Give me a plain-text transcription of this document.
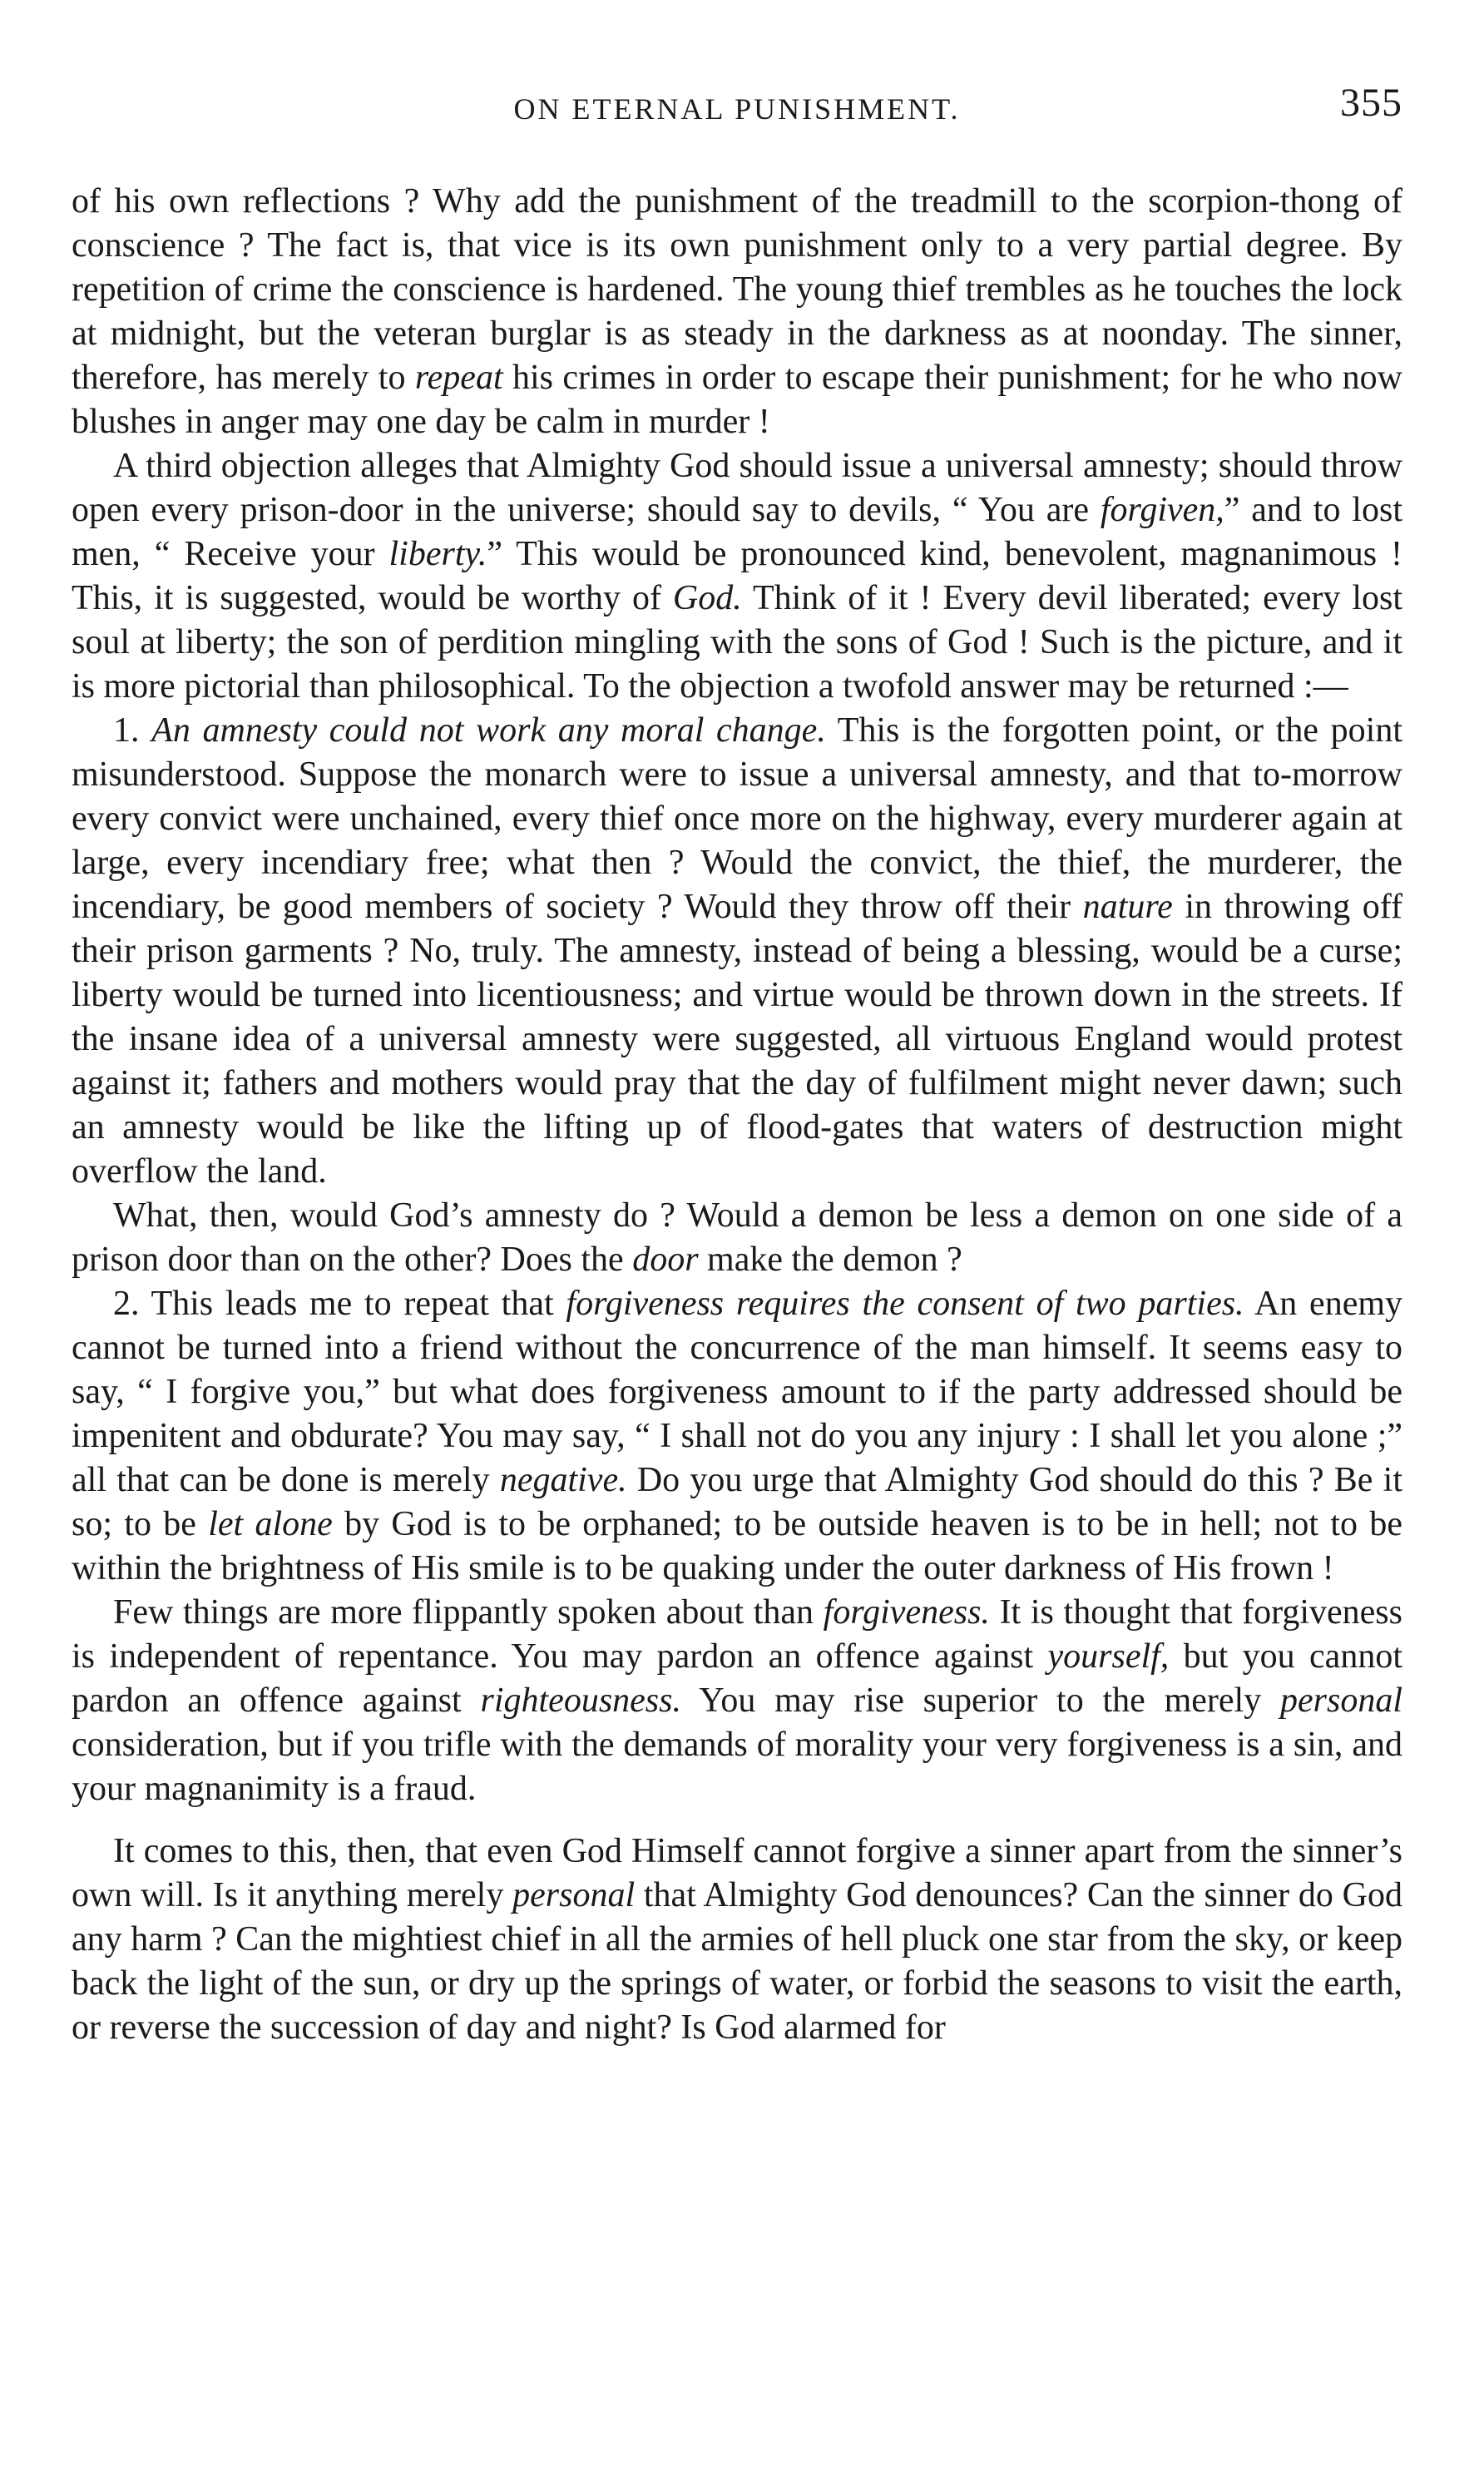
ON ETERNAL PUNISHMENT.	355

of his own reflections ? Why add the punishment of the treadmill to the scorpion-thong of conscience ? The fact is, that vice is its own punishment only to a very partial degree. By repetition of crime the conscience is hardened. The young thief trembles as he touches the lock at midnight, but the veteran burglar is as steady in the darkness as at noonday. The sinner, therefore, has merely to repeat his crimes in order to escape their punishment; for he who now blushes in anger may one day be calm in murder !

A third objection alleges that Almighty God should issue a universal amnesty; should throw open every prison-door in the universe; should say to devils, “ You are forgiven,” and to lost men, “ Receive your liberty.” This would be pronounced kind, benevolent, magnanimous ! This, it is suggested, would be worthy of God. Think of it ! Every devil liberated; every lost soul at liberty; the son of perdition mingling with the sons of God ! Such is the picture, and it is more pictorial than philosophical. To the objection a twofold answer may be returned :—

1. An amnesty could not work any moral change. This is the forgotten point, or the point misunderstood. Suppose the monarch were to issue a universal amnesty, and that to-morrow every convict were unchained, every thief once more on the highway, every murderer again at large, every incendiary free; what then ? Would the convict, the thief, the murderer, the incendiary, be good members of society ? Would they throw off their nature in throwing off their prison garments ? No, truly. The amnesty, instead of being a blessing, would be a curse; liberty would be turned into licentiousness; and virtue would be thrown down in the streets. If the insane idea of a universal amnesty were suggested, all virtuous England would protest against it; fathers and mothers would pray that the day of fulfilment might never dawn; such an amnesty would be like the lifting up of flood-gates that waters of destruction might overflow the land.

What, then, would God’s amnesty do ? Would a demon be less a demon on one side of a prison door than on the other? Does the door make the demon ?

2. This leads me to repeat that forgiveness requires the consent of two parties. An enemy cannot be turned into a friend without the concurrence of the man himself. It seems easy to say, “ I forgive you,” but what does forgiveness amount to if the party addressed should be impenitent and obdurate? You may say, “ I shall not do you any injury : I shall let you alone ;” all that can be done is merely negative. Do you urge that Almighty God should do this ? Be it so; to be let alone by God is to be orphaned; to be outside heaven is to be in hell; not to be within the brightness of His smile is to be quaking under the outer darkness of His frown !

Few things are more flippantly spoken about than forgiveness. It is thought that forgiveness is independent of repentance. You may pardon an offence against yourself, but you cannot pardon an offence against righteousness. You may rise superior to the merely personal consideration, but if you trifle with the demands of morality your very forgiveness is a sin, and your magnanimity is a fraud.

It comes to this, then, that even God Himself cannot forgive a sinner apart from the sinner’s own will. Is it anything merely personal that Almighty God denounces? Can the sinner do God any harm ? Can the mightiest chief in all the armies of hell pluck one star from the sky, or keep back the light of the sun, or dry up the springs of water, or forbid the seasons to visit the earth, or reverse the succession of day and night? Is God alarmed for
